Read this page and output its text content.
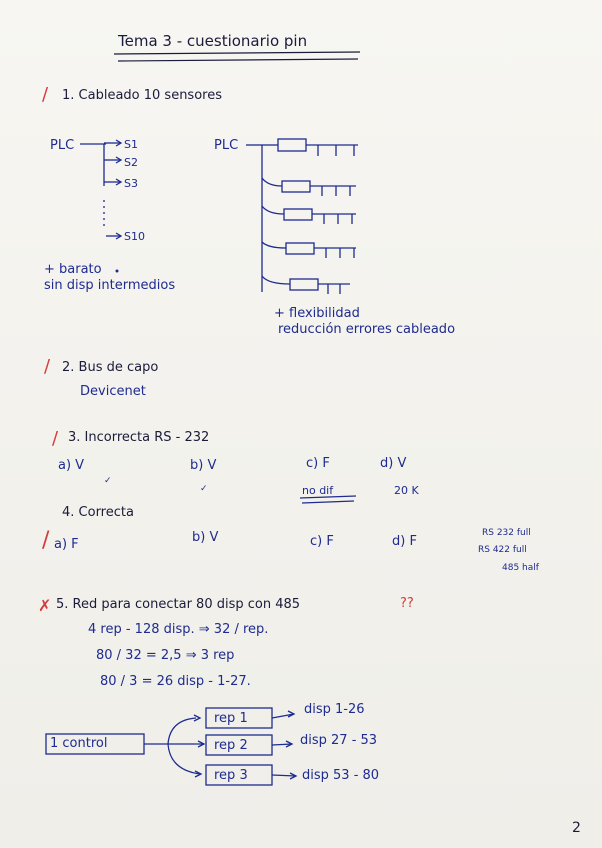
Tema 3 - cuestionario pin
/ 1. Cableado 10 sensores
PLC	S1
S2
S3
S10
+ barato
sin disp intermedios
PLC
+ flexibilidad
reducción errores cableado
/ 2. Bus de capo
Devicenet
/ 3. Incorrecta RS - 232
a) V	b) V	c) F	d) V
✓
✓	no dif	20 K
4. Correcta
/ a) F	b) V	c) F	d) F
RS 232 full
RS 422 full
485 half
✗ 5. Red para conectar 80 disp con 485	??
4 rep - 128 disp. ⇒ 32 / rep.
80 / 32 = 2,5 ⇒ 3 rep
80 / 3 = 26 disp - 1-27.
1 control
rep 1
rep 2
rep 3
disp 1-26
disp 27 - 53
disp 53 - 80
2
